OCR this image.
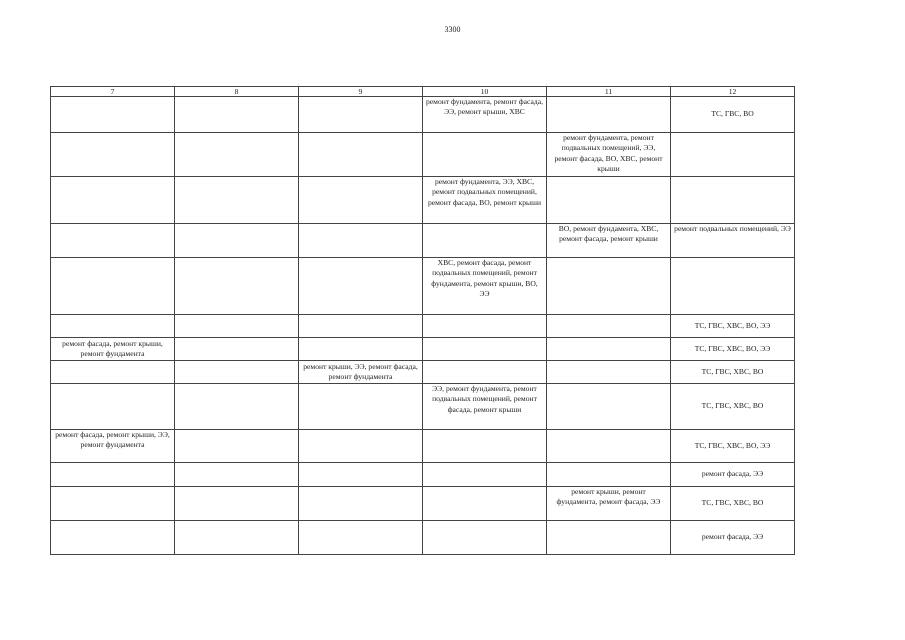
3300
7	8	9	10	11	12
			ремонт фундамента, ремонт фасада, ЭЭ, ремонт крыши, ХВС		ТС, ГВС, ВО
				ремонт фундамента, ремонт подвальных помещений, ЭЭ, ремонт фасада, ВО, ХВС, ремонт крыши	
			ремонт фундамента, ЭЭ, ХВС, ремонт подвальных помещений, ремонт фасада, ВО, ремонт крыши		
				ВО, ремонт фундамента, ХВС, ремонт фасада, ремонт крыши	ремонт подвальных помещений, ЭЭ
			ХВС, ремонт фасада, ремонт подвальных помещений, ремонт фундамента, ремонт крыши, ВО, ЭЭ		
					ТС, ГВС, ХВС, ВО, ЭЭ
ремонт фасада, ремонт крыши, ремонт фундамента					ТС, ГВС, ХВС, ВО, ЭЭ
		ремонт крыши, ЭЭ, ремонт фасада, ремонт фундамента			ТС, ГВС, ХВС, ВО
			ЭЭ, ремонт фундамента, ремонт подвальных помещений, ремонт фасада, ремонт крыши		ТС, ГВС, ХВС, ВО
ремонт фасада, ремонт крыши, ЭЭ, ремонт фундамента					ТС, ГВС, ХВС, ВО, ЭЭ
					ремонт фасада, ЭЭ
				ремонт крыши, ремонт фундамента, ремонт фасада, ЭЭ	ТС, ГВС, ХВС, ВО
					ремонт фасада, ЭЭ
